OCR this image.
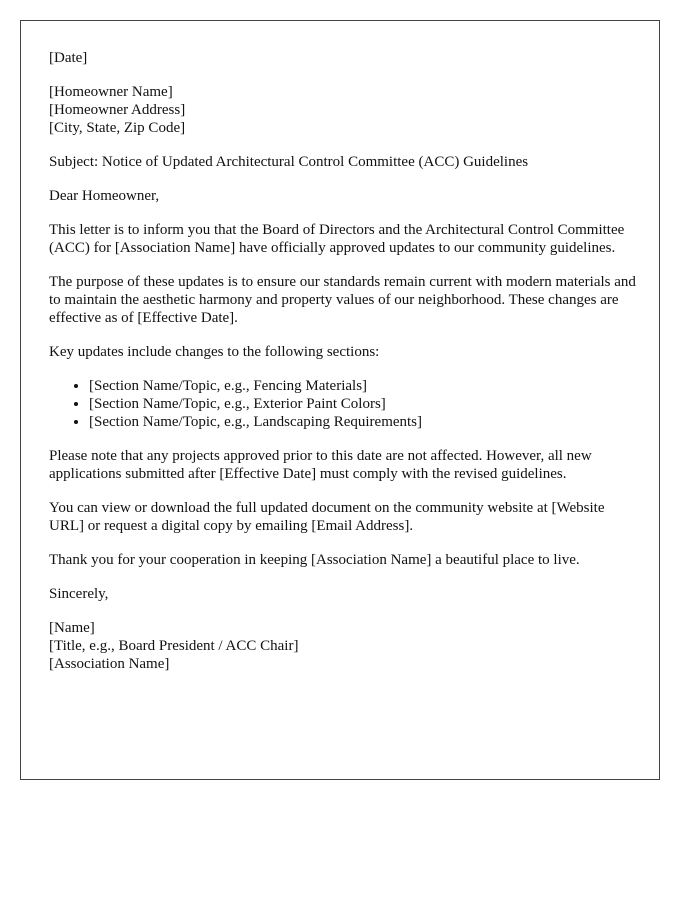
[Date]

[Homeowner Name]
[Homeowner Address]
[City, State, Zip Code]

Subject: Notice of Updated Architectural Control Committee (ACC) Guidelines

Dear Homeowner,

This letter is to inform you that the Board of Directors and the Architectural Control Committee (ACC) for [Association Name] have officially approved updates to our community guidelines.

The purpose of these updates is to ensure our standards remain current with modern materials and to maintain the aesthetic harmony and property values of our neighborhood. These changes are effective as of [Effective Date].

Key updates include changes to the following sections:

• [Section Name/Topic, e.g., Fencing Materials]
• [Section Name/Topic, e.g., Exterior Paint Colors]
• [Section Name/Topic, e.g., Landscaping Requirements]

Please note that any projects approved prior to this date are not affected. However, all new applications submitted after [Effective Date] must comply with the revised guidelines.

You can view or download the full updated document on the community website at [Website URL] or request a digital copy by emailing [Email Address].

Thank you for your cooperation in keeping [Association Name] a beautiful place to live.

Sincerely,

[Name]
[Title, e.g., Board President / ACC Chair]
[Association Name]
